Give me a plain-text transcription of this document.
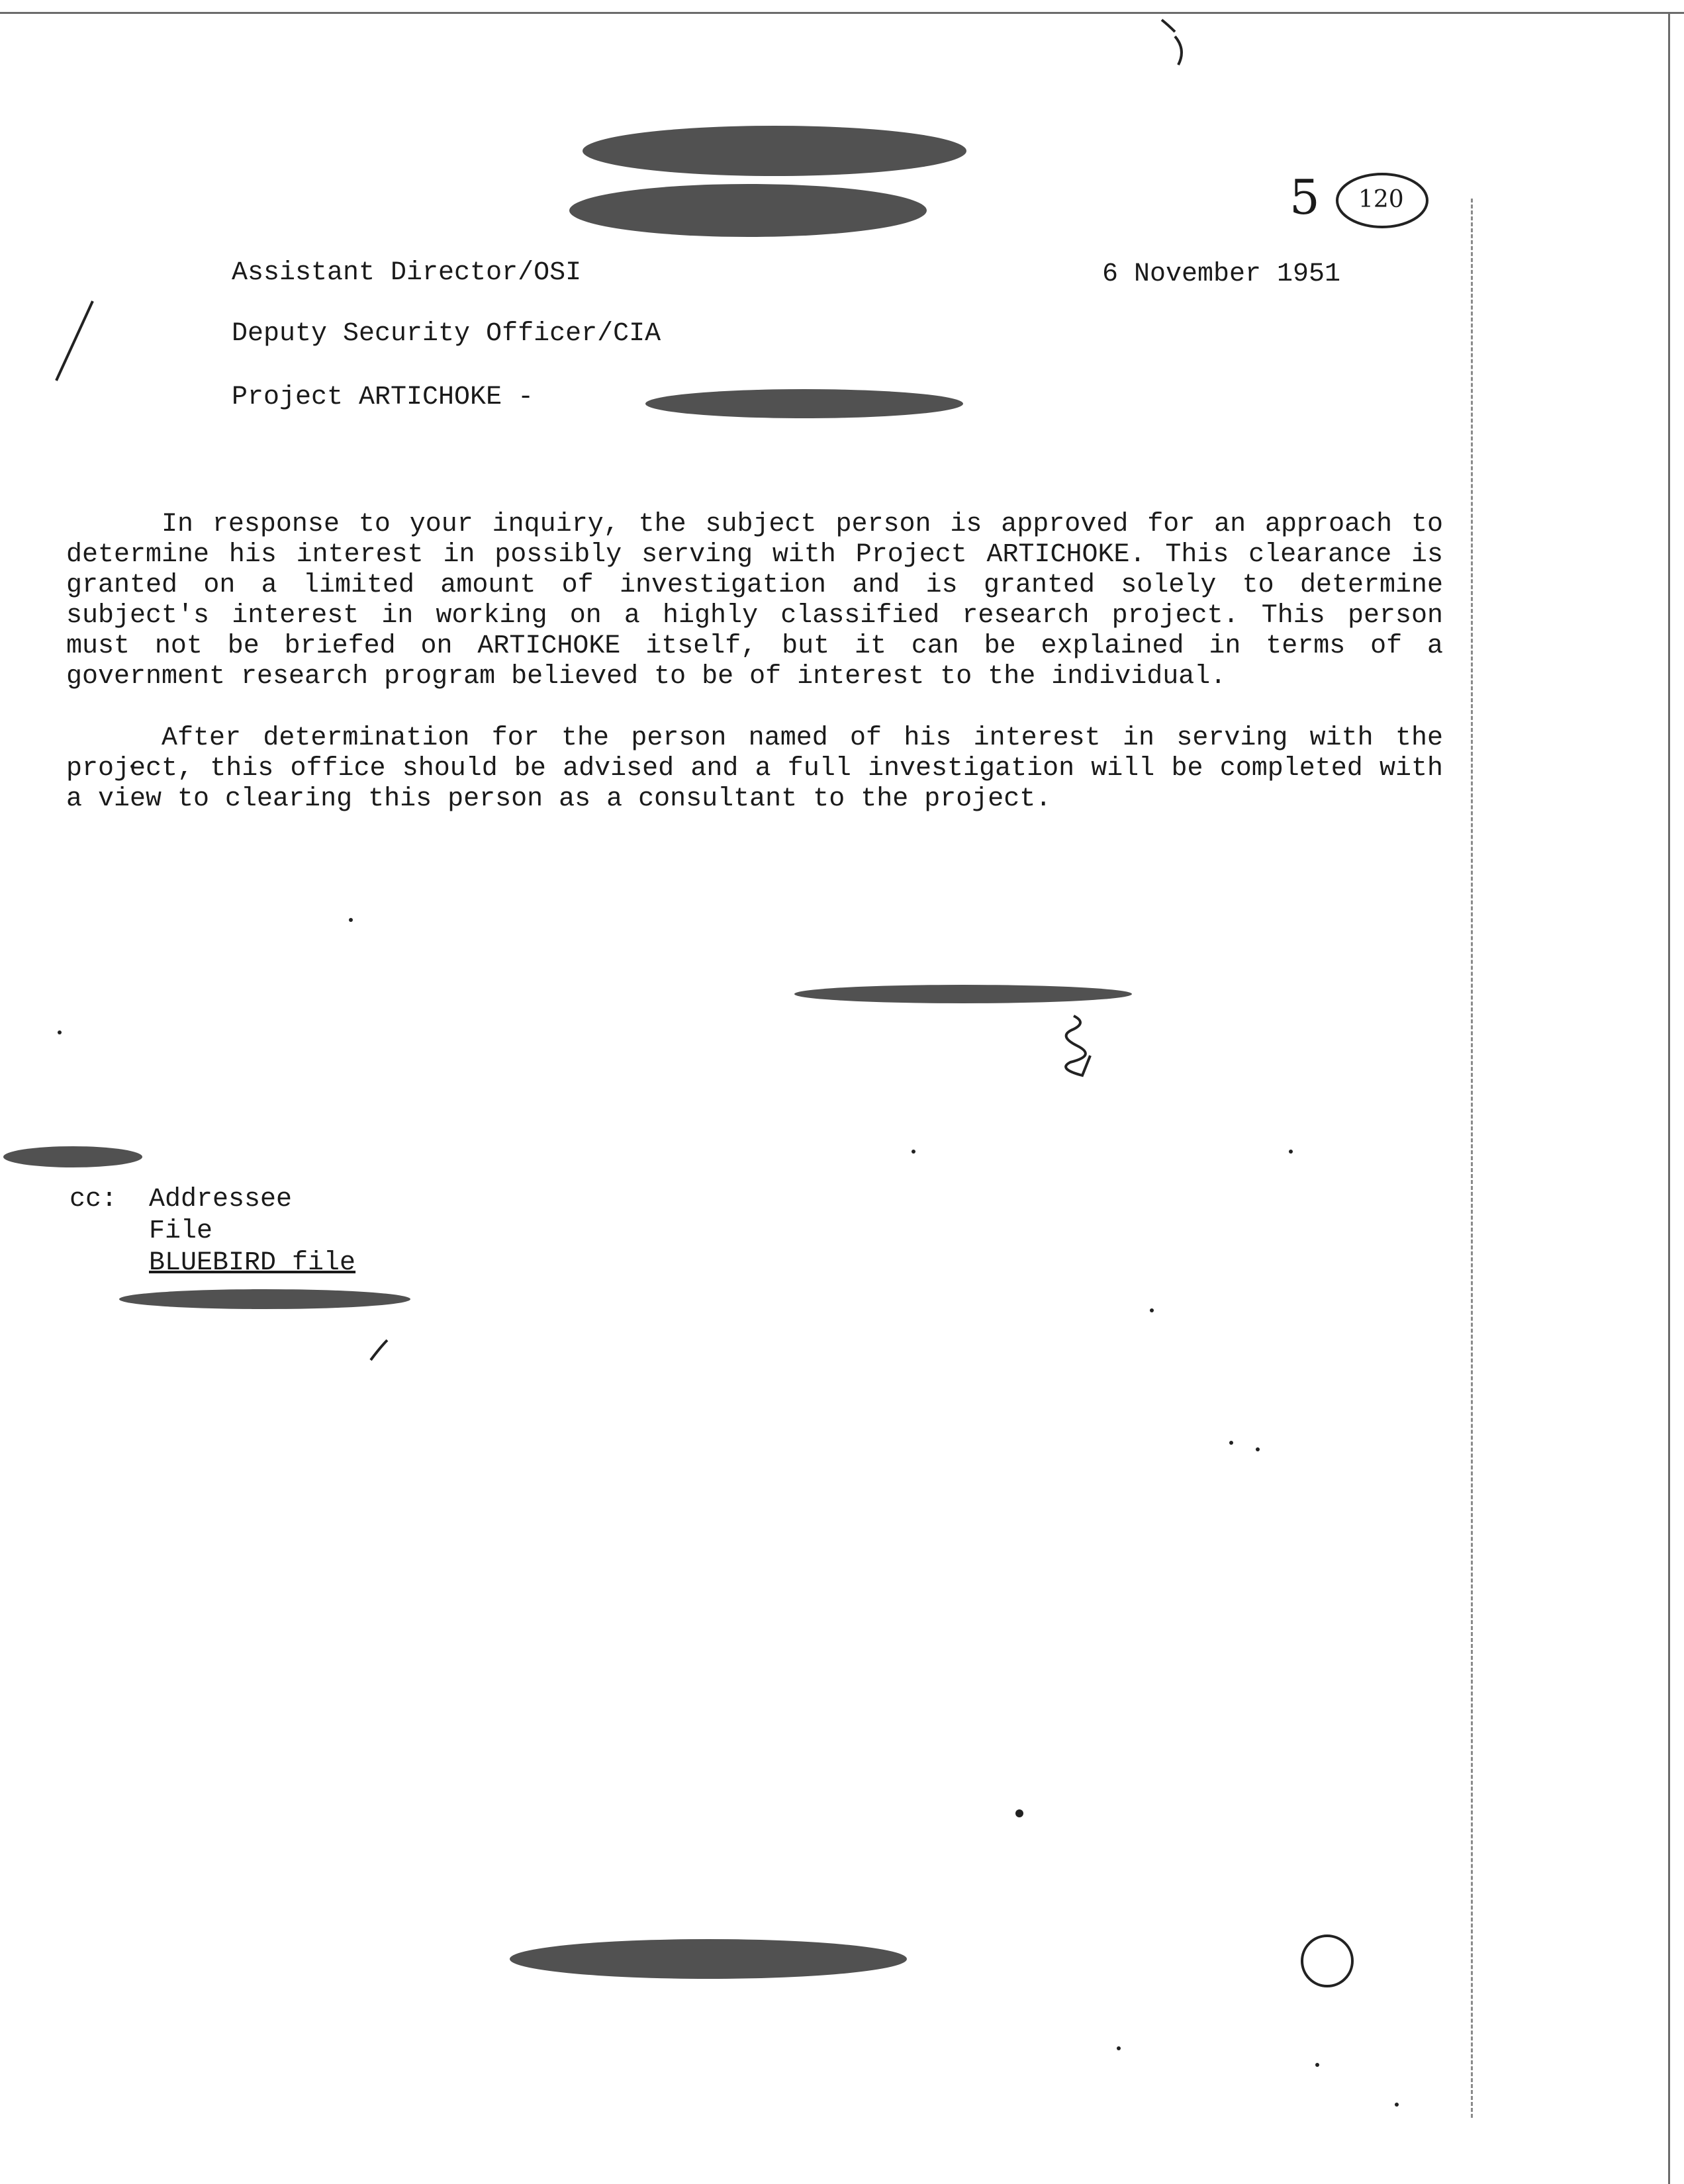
5 120
Assistant Director/OSI	6 November 1951
Deputy Security Officer/CIA
Project ARTICHOKE -

In response to your inquiry, the subject person is approved for an approach to determine his interest in possibly serving with Project ARTICHOKE. This clearance is granted on a limited amount of investigation and is granted solely to determine subject's interest in working on a highly classified research project. This person must not be briefed on ARTICHOKE itself, but it can be explained in terms of a government research program believed to be of interest to the individual.

After determination for the person named of his interest in serving with the project, this office should be advised and a full investigation will be completed with a view to clearing this person as a consultant to the project.

cc: Addressee
File
BLUEBIRD file
